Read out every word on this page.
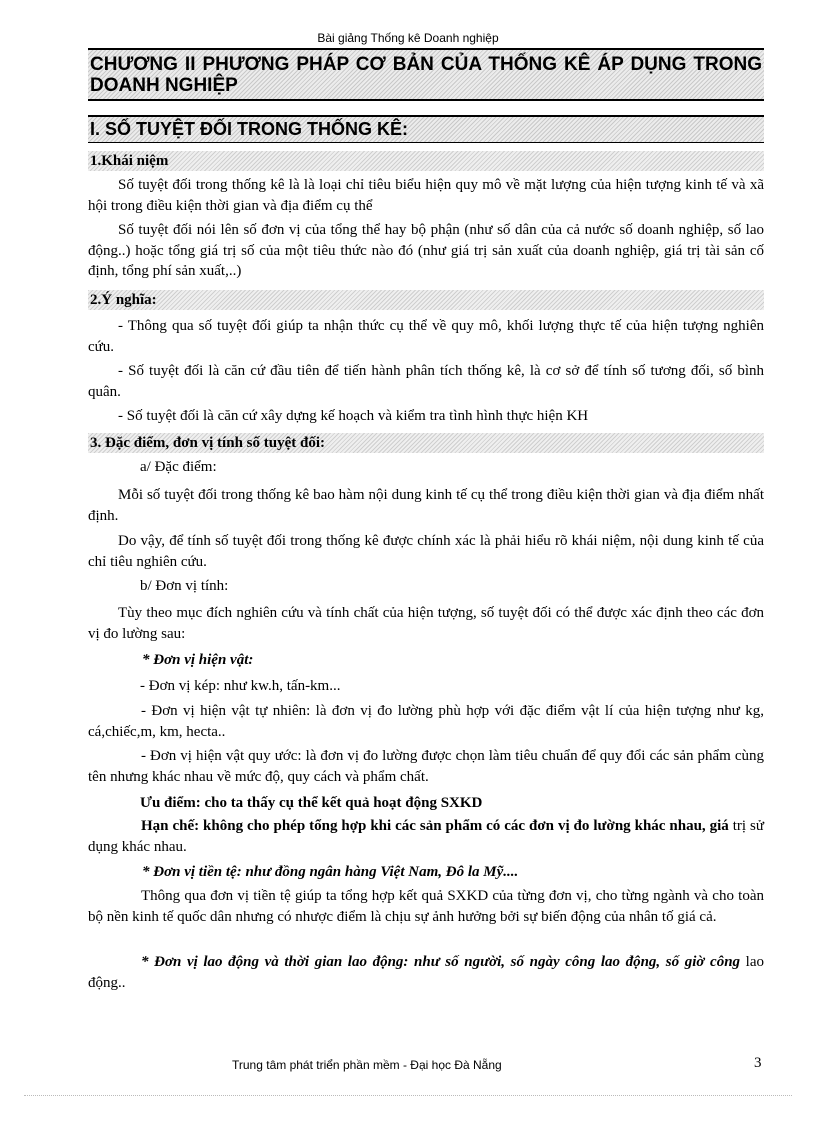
Bài giảng Thống kê Doanh nghiệp
CHƯƠNG II PHƯƠNG PHÁP CƠ BẢN CỦA THỐNG KÊ ÁP DỤNG TRONG DOANH NGHIỆP
I. SỐ TUYỆT ĐỐI TRONG THỐNG KÊ:
1.Khái niệm

Số tuyệt đối trong thống kê là là loại chỉ tiêu biểu hiện quy mô về mặt lượng của hiện tượng kinh tế và xã hội trong điều kiện thời gian và địa điểm cụ thể

Số tuyệt đối nói lên số đơn vị của tổng thể hay bộ phận (như số dân của cả nước số doanh nghiệp, số lao động..) hoặc tổng giá trị số của một tiêu thức nào đó (như giá trị sản xuất của doanh nghiệp, giá trị tài sản cố định, tổng phí sản xuất,..)

2.Ý nghĩa:

- Thông qua số tuyệt đối giúp ta nhận thức cụ thể về quy mô, khối lượng thực tế của hiện tượng nghiên cứu.

- Số tuyệt đối là căn cứ đầu tiên để tiến hành phân tích thống kê, là cơ sở để tính số tương đối, số bình quân.

- Số tuyệt đối là căn cứ xây dựng kế hoạch và kiểm tra tình hình thực hiện KH

3. Đặc điểm, đơn vị tính số tuyệt đối:

a/ Đặc điểm:

Mỗi số tuyệt đối trong thống kê bao hàm nội dung kinh tế cụ thể trong điều kiện thời gian và địa điểm nhất định.

Do vậy, để tính số tuyệt đối trong thống kê được chính xác là phải hiểu rõ khái niệm, nội dung kinh tế của chỉ tiêu nghiên cứu.

b/ Đơn vị tính:

Tùy theo mục đích nghiên cứu và tính chất của hiện tượng, số tuyệt đối có thể được xác định theo các đơn vị đo lường sau:

* Đơn vị hiện vật:

- Đơn vị kép: như kw.h, tấn-km...

- Đơn vị hiện vật tự nhiên: là đơn vị đo lường phù hợp với đặc điểm vật lí của hiện tượng như kg, cá,chiếc,m, km, hecta..

- Đơn vị hiện vật quy ước: là đơn vị đo lường được chọn làm tiêu chuẩn để quy đổi các sản phẩm cùng tên nhưng khác nhau về mức độ, quy cách và phẩm chất.

Ưu điểm: cho ta thấy cụ thể kết quả hoạt động SXKD

Hạn chế: không cho phép tổng hợp khi các sản phẩm có các đơn vị đo lường khác nhau, giá trị sử dụng khác nhau.

* Đơn vị tiền tệ: như đồng ngân hàng Việt Nam, Đô la Mỹ....

Thông qua đơn vị tiền tệ giúp ta tổng hợp kết quả SXKD của từng đơn vị, cho từng ngành và cho toàn bộ nền kinh tế quốc dân nhưng có nhược điểm là chịu sự ảnh hưởng bởi sự biến động của nhân tố giá cả.

* Đơn vị lao động và thời gian lao động: như số người, số ngày công lao động, số giờ công lao động..

Trung tâm phát triển phần mềm - Đại học Đà Nẵng	3
